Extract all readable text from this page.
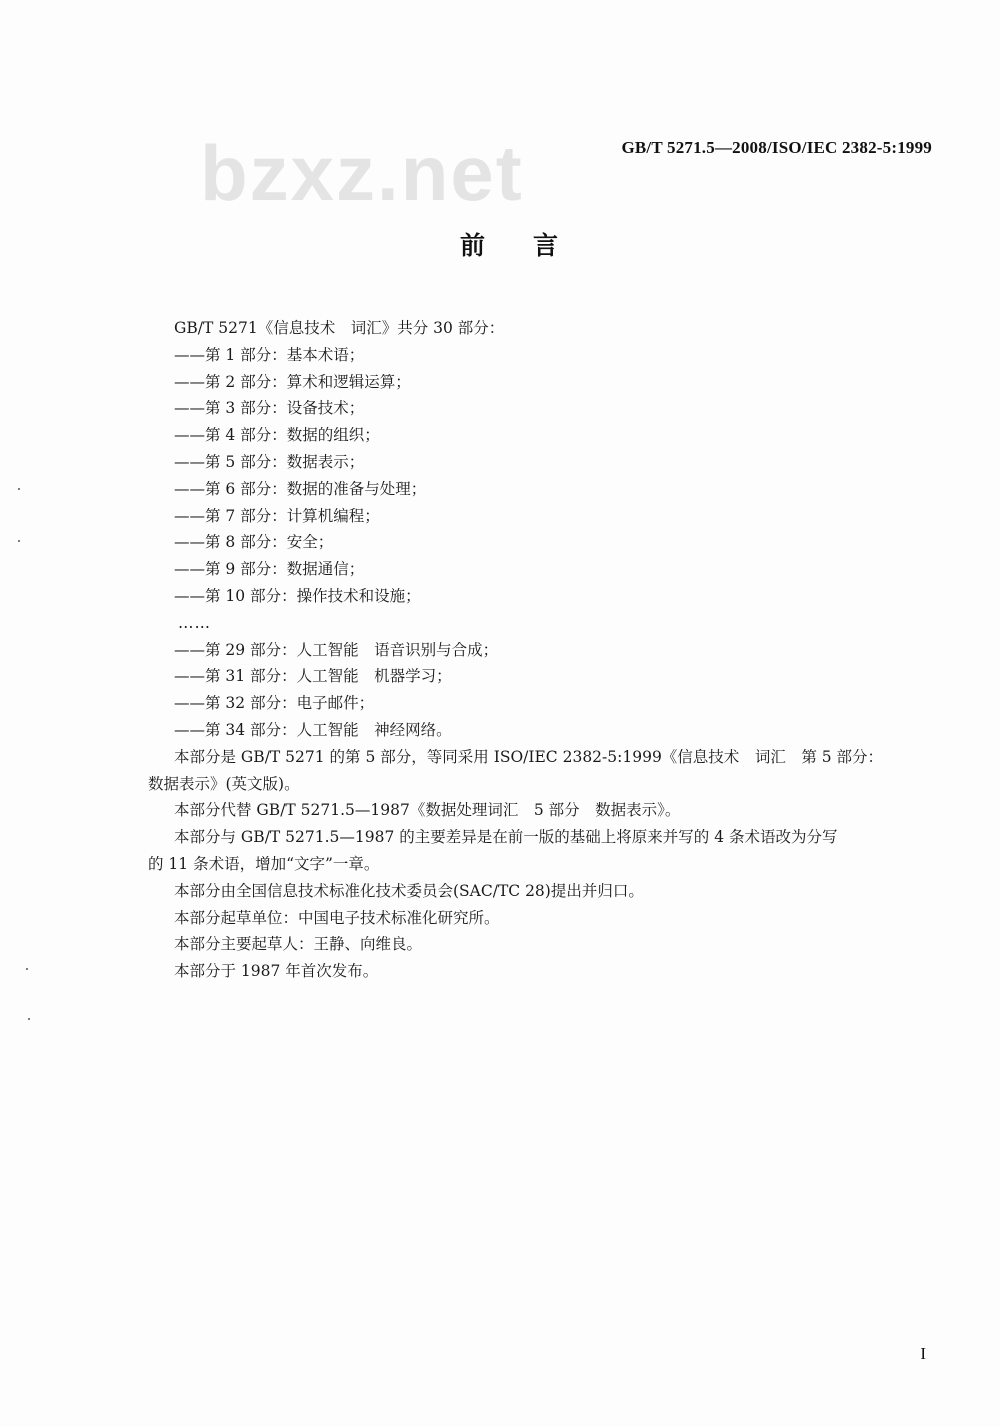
bzxz.net	GB/T 5271.5—2008/ISO/IEC 2382-5:1999
前言
GB/T 5271《信息技术　词汇》共分 30 部分：
——第 1 部分：基本术语；
——第 2 部分：算术和逻辑运算；
——第 3 部分：设备技术；
——第 4 部分：数据的组织；
——第 5 部分：数据表示；
——第 6 部分：数据的准备与处理；
——第 7 部分：计算机编程；
——第 8 部分：安全；
——第 9 部分：数据通信；
——第 10 部分：操作技术和设施；
……
——第 29 部分：人工智能　语音识别与合成；
——第 31 部分：人工智能　机器学习；
——第 32 部分：电子邮件；
——第 34 部分：人工智能　神经网络。
本部分是 GB/T 5271 的第 5 部分，等同采用 ISO/IEC 2382-5:1999《信息技术　词汇　第 5 部分：
数据表示》(英文版)。
本部分代替 GB/T 5271.5—1987《数据处理词汇　5 部分　数据表示》。
本部分与 GB/T 5271.5—1987 的主要差异是在前一版的基础上将原来并写的 4 条术语改为分写
的 11 条术语，增加“文字”一章。
本部分由全国信息技术标准化技术委员会(SAC/TC 28)提出并归口。
本部分起草单位：中国电子技术标准化研究所。
本部分主要起草人：王静、向维良。
本部分于 1987 年首次发布。
I
